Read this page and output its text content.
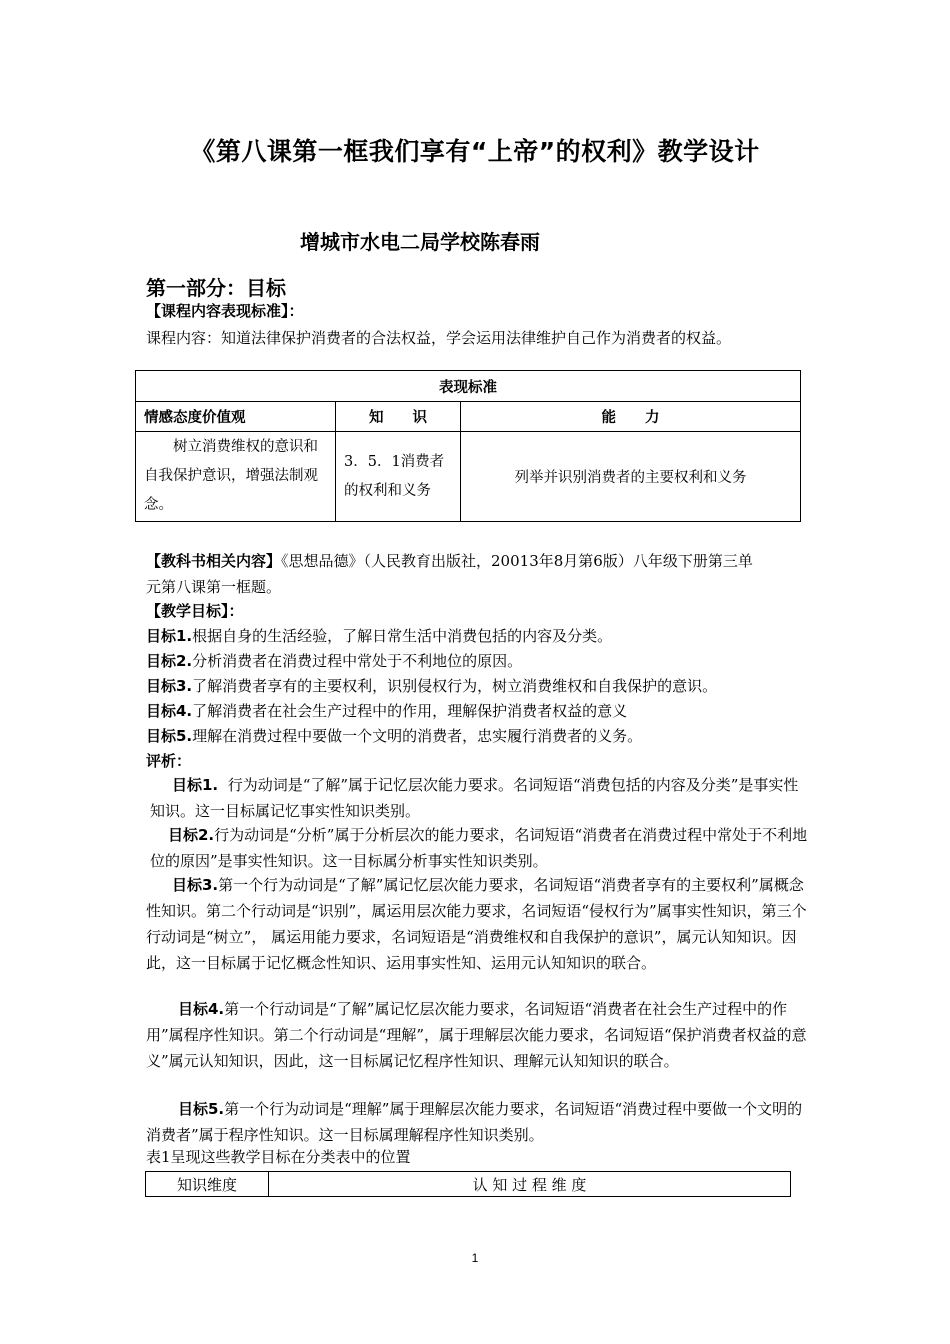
《第八课第一框我们享有“上帝”的权利》教学设计
增城市水电二局学校陈春雨
第一部分：目标
【课程内容表现标准】：
课程内容：知道法律保护消费者的合法权益，学会运用法律维护自己作为消费者的权益。
表现标准		
情感态度价值观	知　　识	能　　力
树立消费维权的意识和自我保护意识，增强法制观念。	3．5．1消费者的权利和义务	列举并识别消费者的主要权利和义务
【教科书相关内容】《思想品德》（人民教育出版社，20013年8月第6版）八年级下册第三单
元第八课第一框题。
【教学目标】：
目标1.根据自身的生活经验，了解日常生活中消费包括的内容及分类。
目标2.分析消费者在消费过程中常处于不利地位的原因。
目标3.了解消费者享有的主要权利，识别侵权行为，树立消费维权和自我保护的意识。
目标4.了解消费者在社会生产过程中的作用，理解保护消费者权益的意义
目标5.理解在消费过程中要做一个文明的消费者，忠实履行消费者的义务。
评析：
目标1. 行为动词是“了解”属于记忆层次能力要求。名词短语“消费包括的内容及分类”是事实性知识。这一目标属记忆事实性知识类别。
目标2.行为动词是“分析”属于分析层次的能力要求，名词短语“消费者在消费过程中常处于不利地位的原因”是事实性知识。这一目标属分析事实性知识类别。
目标3.第一个行为动词是“了解”属记忆层次能力要求，名词短语“消费者享有的主要权利”属概念性知识。第二个行动词是“识别”，属运用层次能力要求，名词短语“侵权行为”属事实性知识，第三个行动词是“树立”， 属运用能力要求，名词短语是“消费维权和自我保护的意识”，属元认知知识。因此，这一目标属于记忆概念性知识、运用事实性知、运用元认知知识的联合。
目标4.第一个行动词是“了解”属记忆层次能力要求，名词短语“消费者在社会生产过程中的作用”属程序性知识。第二个行动词是“理解”，属于理解层次能力要求，名词短语“保护消费者权益的意义”属元认知知识，因此，这一目标属记忆程序性知识、理解元认知知识的联合。
目标5.第一个行为动词是“理解”属于理解层次能力要求，名词短语“消费过程中要做一个文明的消费者”属于程序性知识。这一目标属理解程序性知识类别。
表1呈现这些教学目标在分类表中的位置
知识维度	认 知 过 程 维 度
1
